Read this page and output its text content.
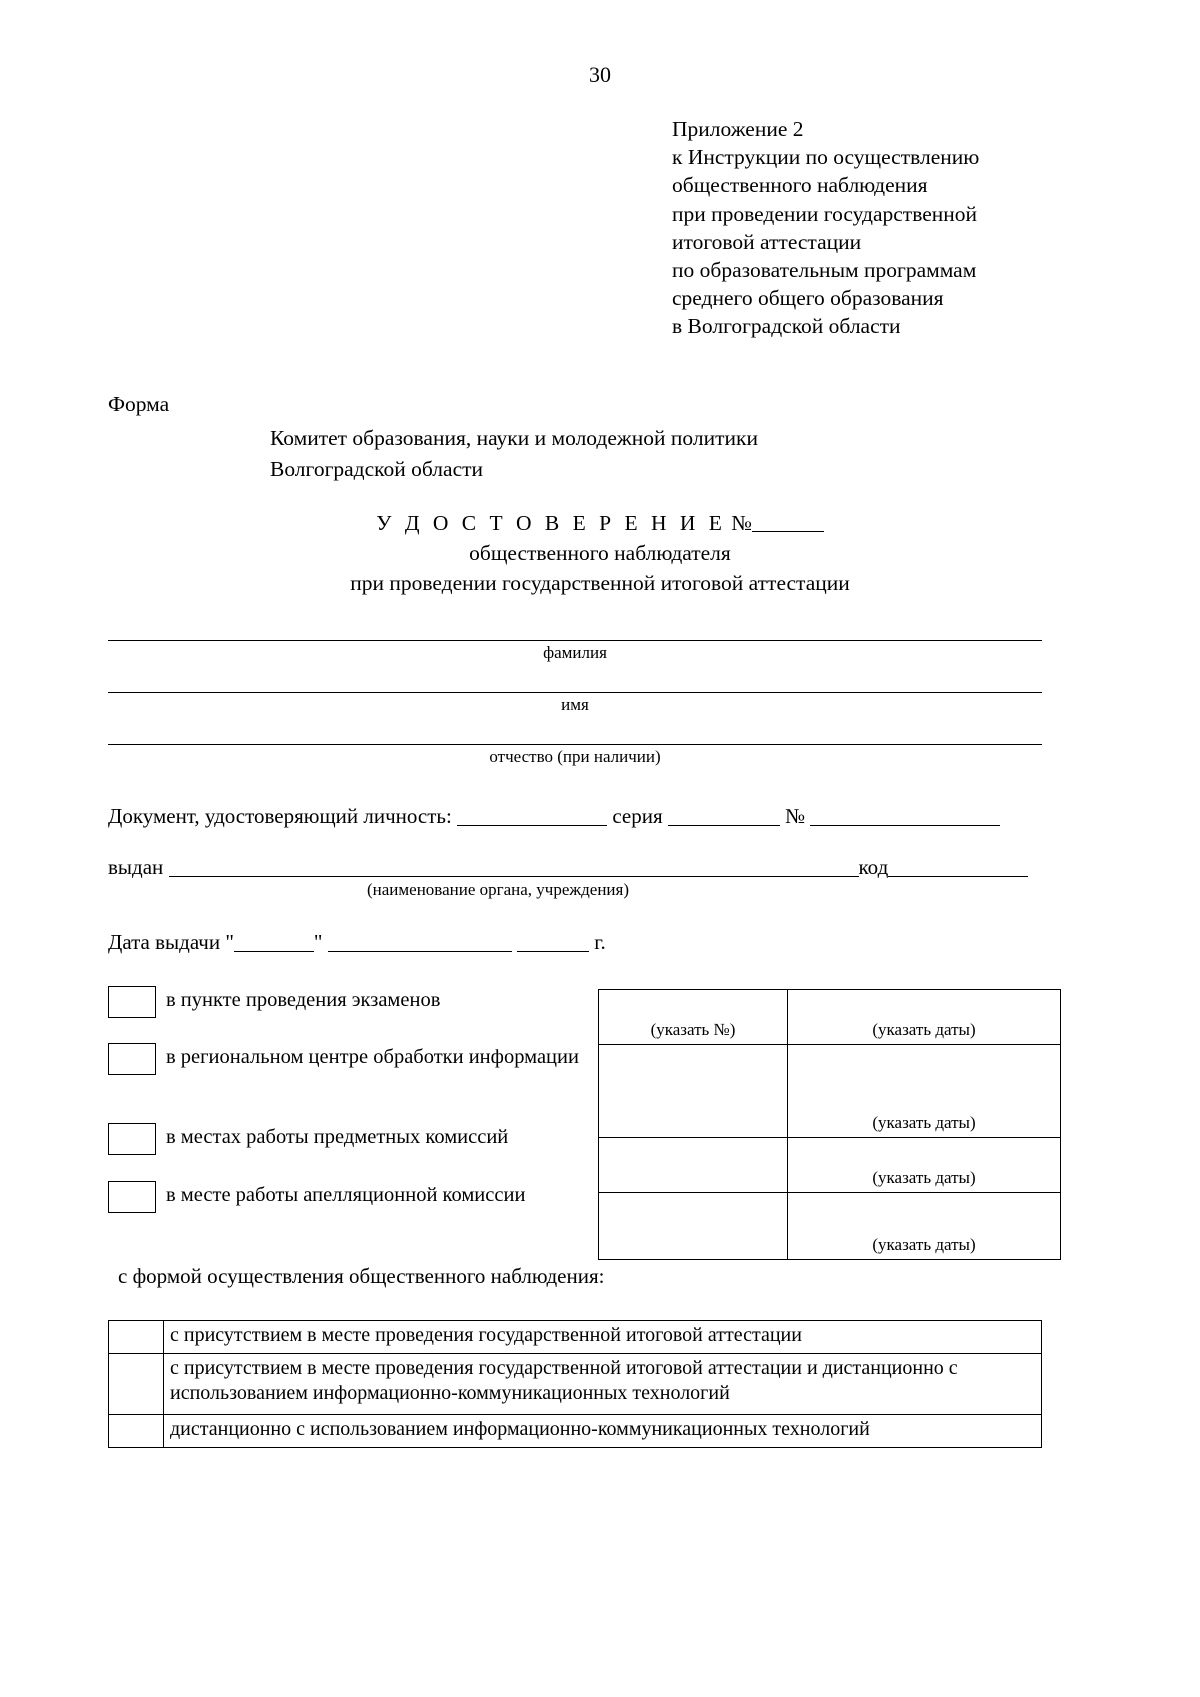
30
Приложение 2
к Инструкции по осуществлению
общественного наблюдения
при проведении государственной
итоговой аттестации
по образовательным программам
среднего общего образования
в Волгоградской области
Форма
Комитет образования, науки и молодежной политики
Волгоградской области
У Д О С Т О В Е Р Е Н И Е №
общественного наблюдателя
при проведении государственной итоговой аттестации
фамилия
имя
отчество (при наличии)
Документ, удостоверяющий личность:	серия	№
выдан	код
(наименование органа, учреждения)
Дата выдачи "	"	г.
в пункте проведения экзаменов
в региональном центре обработки информации
в местах работы предметных комиссий
в месте работы апелляционной комиссии
(указать №)	(указать даты)
	(указать даты)
	(указать даты)
	(указать даты)
с формой осуществления общественного наблюдения:
	с присутствием в месте проведения государственной итоговой аттестации
	с присутствием в месте проведения государственной итоговой аттестации и дистанционно с использованием информационно-коммуникационных технологий
	дистанционно с использованием информационно-коммуникационных технологий
